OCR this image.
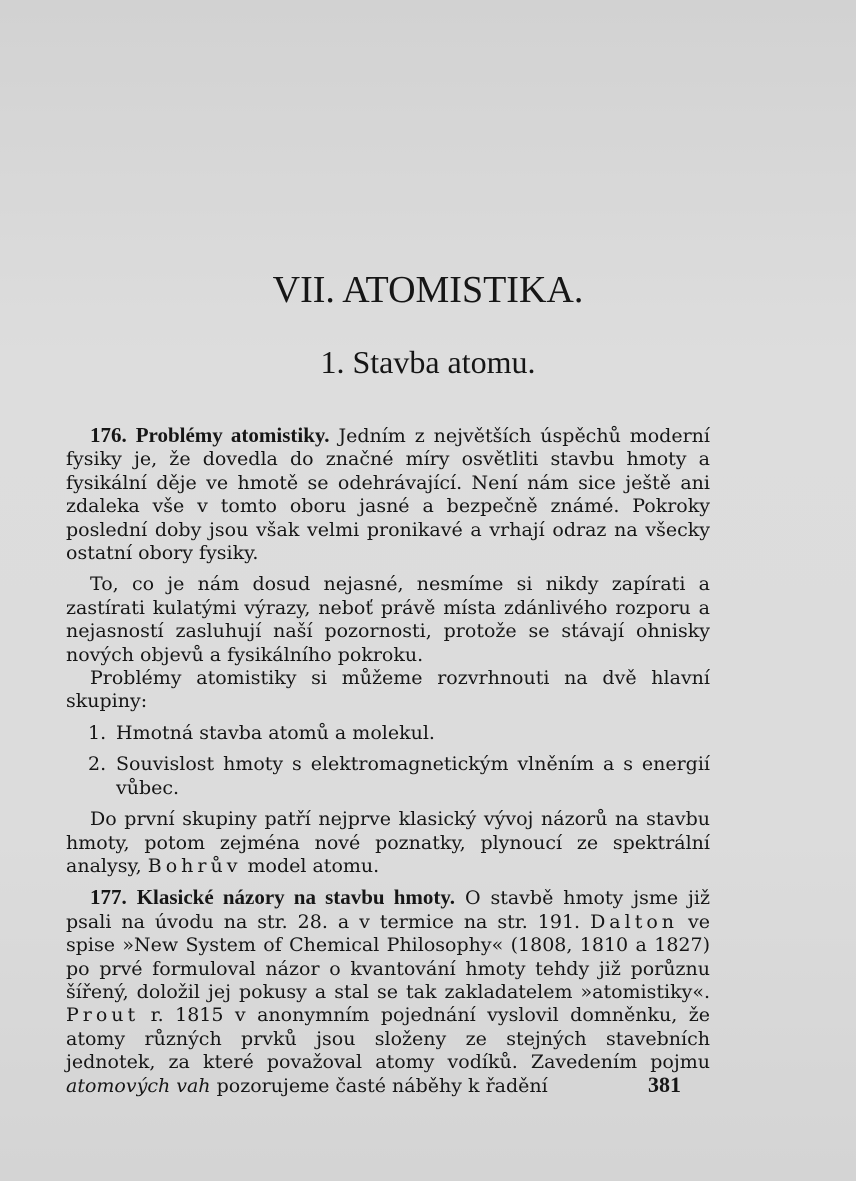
VII. ATOMISTIKA.
1. Stavba atomu.

176. Problémy atomistiky. Jedním z největších úspěchů moderní fysiky je, že dovedla do značné míry osvětliti stavbu hmoty a fysikální děje ve hmotě se odehrávající. Není nám sice ještě ani zdaleka vše v tomto oboru jasné a bezpečně známé. Pokroky poslední doby jsou však velmi pronikavé a vrhají odraz na všecky ostatní obory fysiky.

To, co je nám dosud nejasné, nesmíme si nikdy zapírati a zastírati kulatými výrazy, neboť právě místa zdánlivého rozporu a nejasností zasluhují naší pozornosti, protože se stávají ohnisky nových objevů a fysikálního pokroku.

Problémy atomistiky si můžeme rozvrhnouti na dvě hlavní skupiny:

1. Hmotná stavba atomů a molekul.
2. Souvislost hmoty s elektromagnetickým vlněním a s energií vůbec.

Do první skupiny patří nejprve klasický vývoj názorů na stavbu hmoty, potom zejména nové poznatky, plynoucí ze spektrální analysy, Bohrův model atomu.

177. Klasické názory na stavbu hmoty. O stavbě hmoty jsme již psali na úvodu na str. 28. a v termice na str. 191. Dalton ve spise »New System of Chemical Philosophy« (1808, 1810 a 1827) po prvé formuloval názor o kvantování hmoty tehdy již porůznu šířený, doložil jej pokusy a stal se tak zakladatelem »atomistiky«. Prout r. 1815 v anonymním pojednání vyslovil domněnku, že atomy různých prvků jsou složeny ze stejných stavebních jednotek, za které považoval atomy vodíků. Zavedením pojmu atomových vah pozorujeme časté náběhy k řadění	381
